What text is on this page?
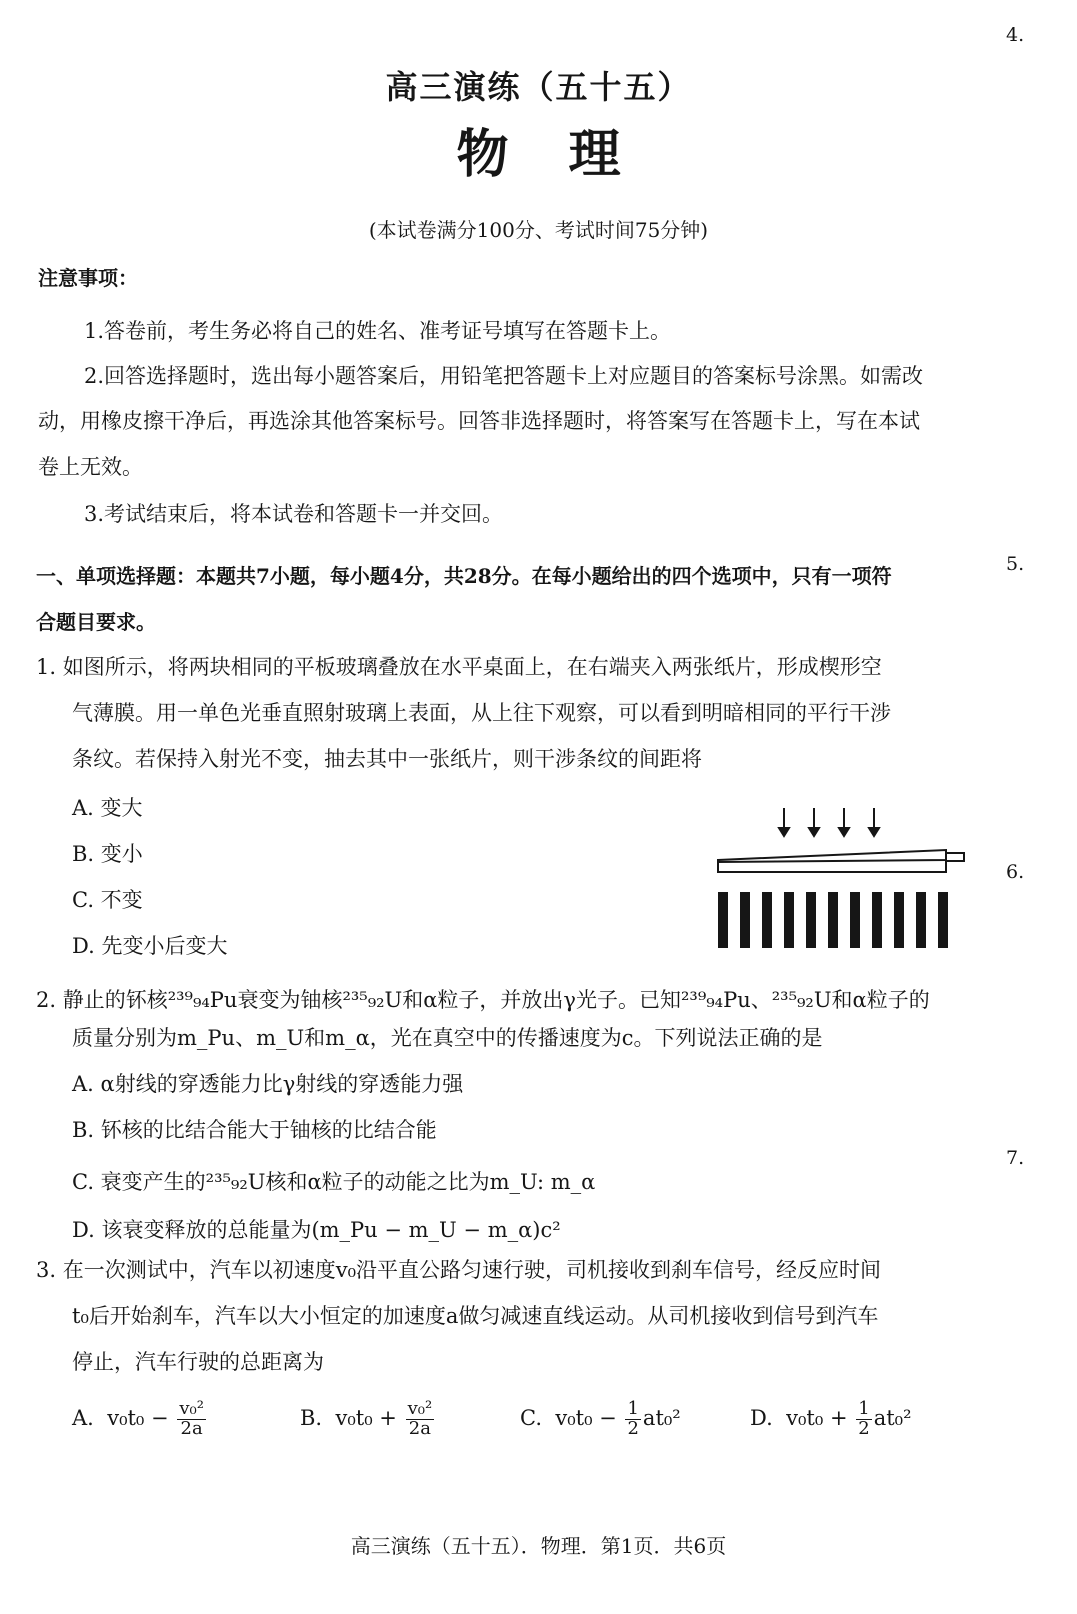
高三演练（五十五）
物理
(本试卷满分100分、考试时间75分钟)
注意事项：
1.答卷前，考生务必将自己的姓名、准考证号填写在答题卡上。
2.回答选择题时，选出每小题答案后，用铅笔把答题卡上对应题目的答案标号涂黑。如需改
动，用橡皮擦干净后，再选涂其他答案标号。回答非选择题时，将答案写在答题卡上，写在本试
卷上无效。
3.考试结束后，将本试卷和答题卡一并交回。
一、单项选择题：本题共7小题，每小题4分，共28分。在每小题给出的四个选项中，只有一项符
合题目要求。
1. 如图所示，将两块相同的平板玻璃叠放在水平桌面上，在右端夹入两张纸片，形成楔形空
气薄膜。用一单色光垂直照射玻璃上表面，从上往下观察，可以看到明暗相同的平行干涉
条纹。若保持入射光不变，抽去其中一张纸片，则干涉条纹的间距将
A. 变大
B. 变小
C. 不变
D. 先变小后变大
2. 静止的钚核²³⁹₉₄Pu衰变为铀核²³⁵₉₂U和α粒子，并放出γ光子。已知²³⁹₉₄Pu、²³⁵₉₂U和α粒子的
质量分别为m_Pu、m_U和m_α，光在真空中的传播速度为c。下列说法正确的是
A. α射线的穿透能力比γ射线的穿透能力强
B. 钚核的比结合能大于铀核的比结合能
C. 衰变产生的²³⁵₉₂U核和α粒子的动能之比为m_U: m_α
D. 该衰变释放的总能量为(m_Pu − m_U − m_α)c²
3. 在一次测试中，汽车以初速度v₀沿平直公路匀速行驶，司机接收到刹车信号，经反应时间
t₀后开始刹车，汽车以大小恒定的加速度a做匀减速直线运动。从司机接收到信号到汽车
停止，汽车行驶的总距离为
A. $v_0t_0 - \frac{\text{v₀²}}{2a}$	B. $v_0t_0 + \frac{\text{v₀²}}{2a}$	C. $v_0t_0 - \frac{1}{2} at_0^2$	D. $v_0t_0 + \frac{1}{2} at_0^2$
4.
5.
6.
7.
高三演练（五十五）．物理．第1页．共6页
